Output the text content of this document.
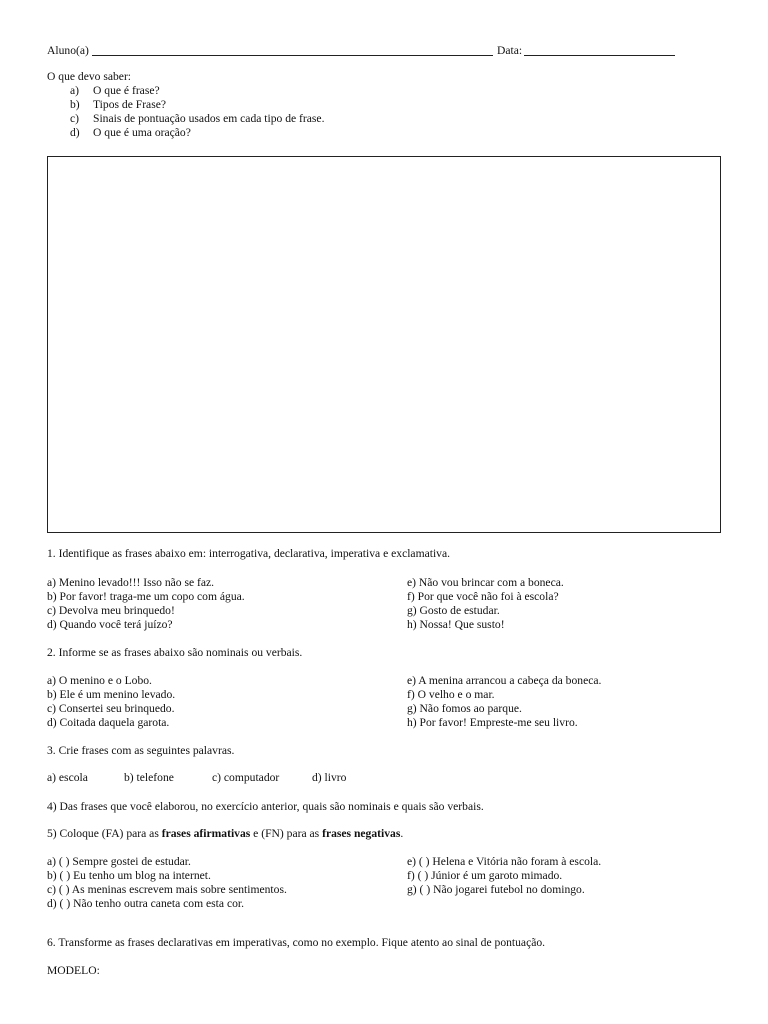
Aluno(a)	Data:
O que devo saber:
a) O que é frase?
b) Tipos de Frase?
c) Sinais de pontuação usados em cada tipo de frase.
d) O que é uma oração?
1. Identifique as frases abaixo em: interrogativa, declarativa, imperativa e exclamativa.
a) Menino levado!!! Isso não se faz.
b) Por favor! traga-me um copo com água.
c) Devolva meu brinquedo!
d) Quando você terá juízo?
e) Não vou brincar com a boneca.
f) Por que você não foi à escola?
g) Gosto de estudar.
h) Nossa! Que susto!
2. Informe se as frases abaixo são nominais ou verbais.
a) O menino e o Lobo.
b) Ele é um menino levado.
c) Consertei seu brinquedo.
d) Coitada daquela garota.
e) A menina arrancou a cabeça da boneca.
f) O velho e o mar.
g) Não fomos ao parque.
h) Por favor! Empreste-me seu livro.
3. Crie frases com as seguintes palavras.
a) escola	b) telefone	c) computador	d) livro
4) Das frases que você elaborou, no exercício anterior, quais são nominais e quais são verbais.
5) Coloque (FA) para as frases afirmativas e (FN) para as frases negativas.
a) ( ) Sempre gostei de estudar.
b) ( ) Eu tenho um blog na internet.
c) ( ) As meninas escrevem mais sobre sentimentos.
d) ( ) Não tenho outra caneta com esta cor.
e) ( ) Helena e Vitória não foram à escola.
f) ( ) Júnior é um garoto mimado.
g) ( ) Não jogarei futebol no domingo.
6. Transforme as frases declarativas em imperativas, como no exemplo. Fique atento ao sinal de pontuação.
MODELO:
